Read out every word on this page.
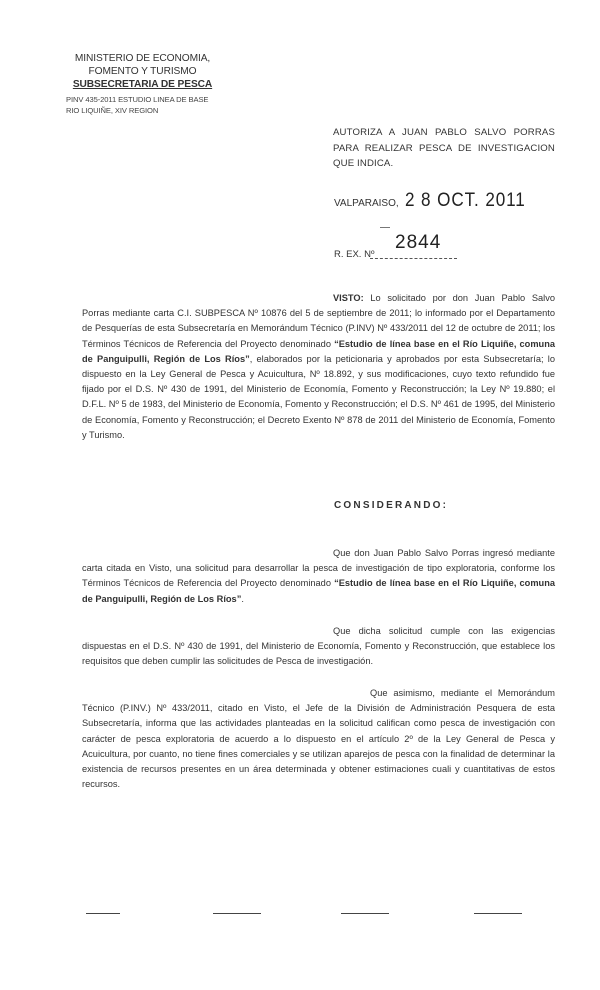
MINISTERIO DE ECONOMIA,
FOMENTO Y TURISMO
SUBSECRETARIA DE PESCA
PINV 435-2011 ESTUDIO LINEA DE BASE
RIO LIQUIÑE, XIV REGION
AUTORIZA A JUAN PABLO SALVO PORRAS PARA REALIZAR PESCA DE INVESTIGACION QUE INDICA.
VALPARAISO, 2 8 OCT. 2011
2844
R. EX. Nº
VISTO: Lo solicitado por don Juan Pablo Salvo Porras mediante carta C.I. SUBPESCA Nº 10876 del 5 de septiembre de 2011; lo informado por el Departamento de Pesquerías de esta Subsecretaría en Memorándum Técnico (P.INV) Nº 433/2011 del 12 de octubre de 2011; los Términos Técnicos de Referencia del Proyecto denominado “Estudio de línea base en el Río Liquiñe, comuna de Panguipulli, Región de Los Ríos”, elaborados por la peticionaria y aprobados por esta Subsecretaría; lo dispuesto en la Ley General de Pesca y Acuicultura, Nº 18.892, y sus modificaciones, cuyo texto refundido fue fijado por el D.S. Nº 430 de 1991, del Ministerio de Economía, Fomento y Reconstrucción; la Ley Nº 19.880; el D.F.L. Nº 5 de 1983, del Ministerio de Economía, Fomento y Reconstrucción; el D.S. Nº 461 de 1995, del Ministerio de Economía, Fomento y Reconstrucción; el Decreto Exento Nº 878 de 2011 del Ministerio de Economía, Fomento y Turismo.
CONSIDERANDO:
Que don Juan Pablo Salvo Porras ingresó mediante carta citada en Visto, una solicitud para desarrollar la pesca de investigación de tipo exploratoria, conforme los Términos Técnicos de Referencia del Proyecto denominado “Estudio de línea base en el Río Liquiñe, comuna de Panguipulli, Región de Los Ríos”.
Que dicha solicitud cumple con las exigencias dispuestas en el D.S. Nº 430 de 1991, del Ministerio de Economía, Fomento y Reconstrucción, que establece los requisitos que deben cumplir las solicitudes de Pesca de investigación.
Que asimismo, mediante el Memorándum Técnico (P.INV.) Nº 433/2011, citado en Visto, el Jefe de la División de Administración Pesquera de esta Subsecretaría, informa que las actividades planteadas en la solicitud califican como pesca de investigación con carácter de pesca exploratoria de acuerdo a lo dispuesto en el artículo 2º de la Ley General de Pesca y Acuicultura, por cuanto, no tiene fines comerciales y se utilizan aparejos de pesca con la finalidad de determinar la existencia de recursos presentes en un área determinada y obtener estimaciones cuali y cuantitativas de estos recursos.
